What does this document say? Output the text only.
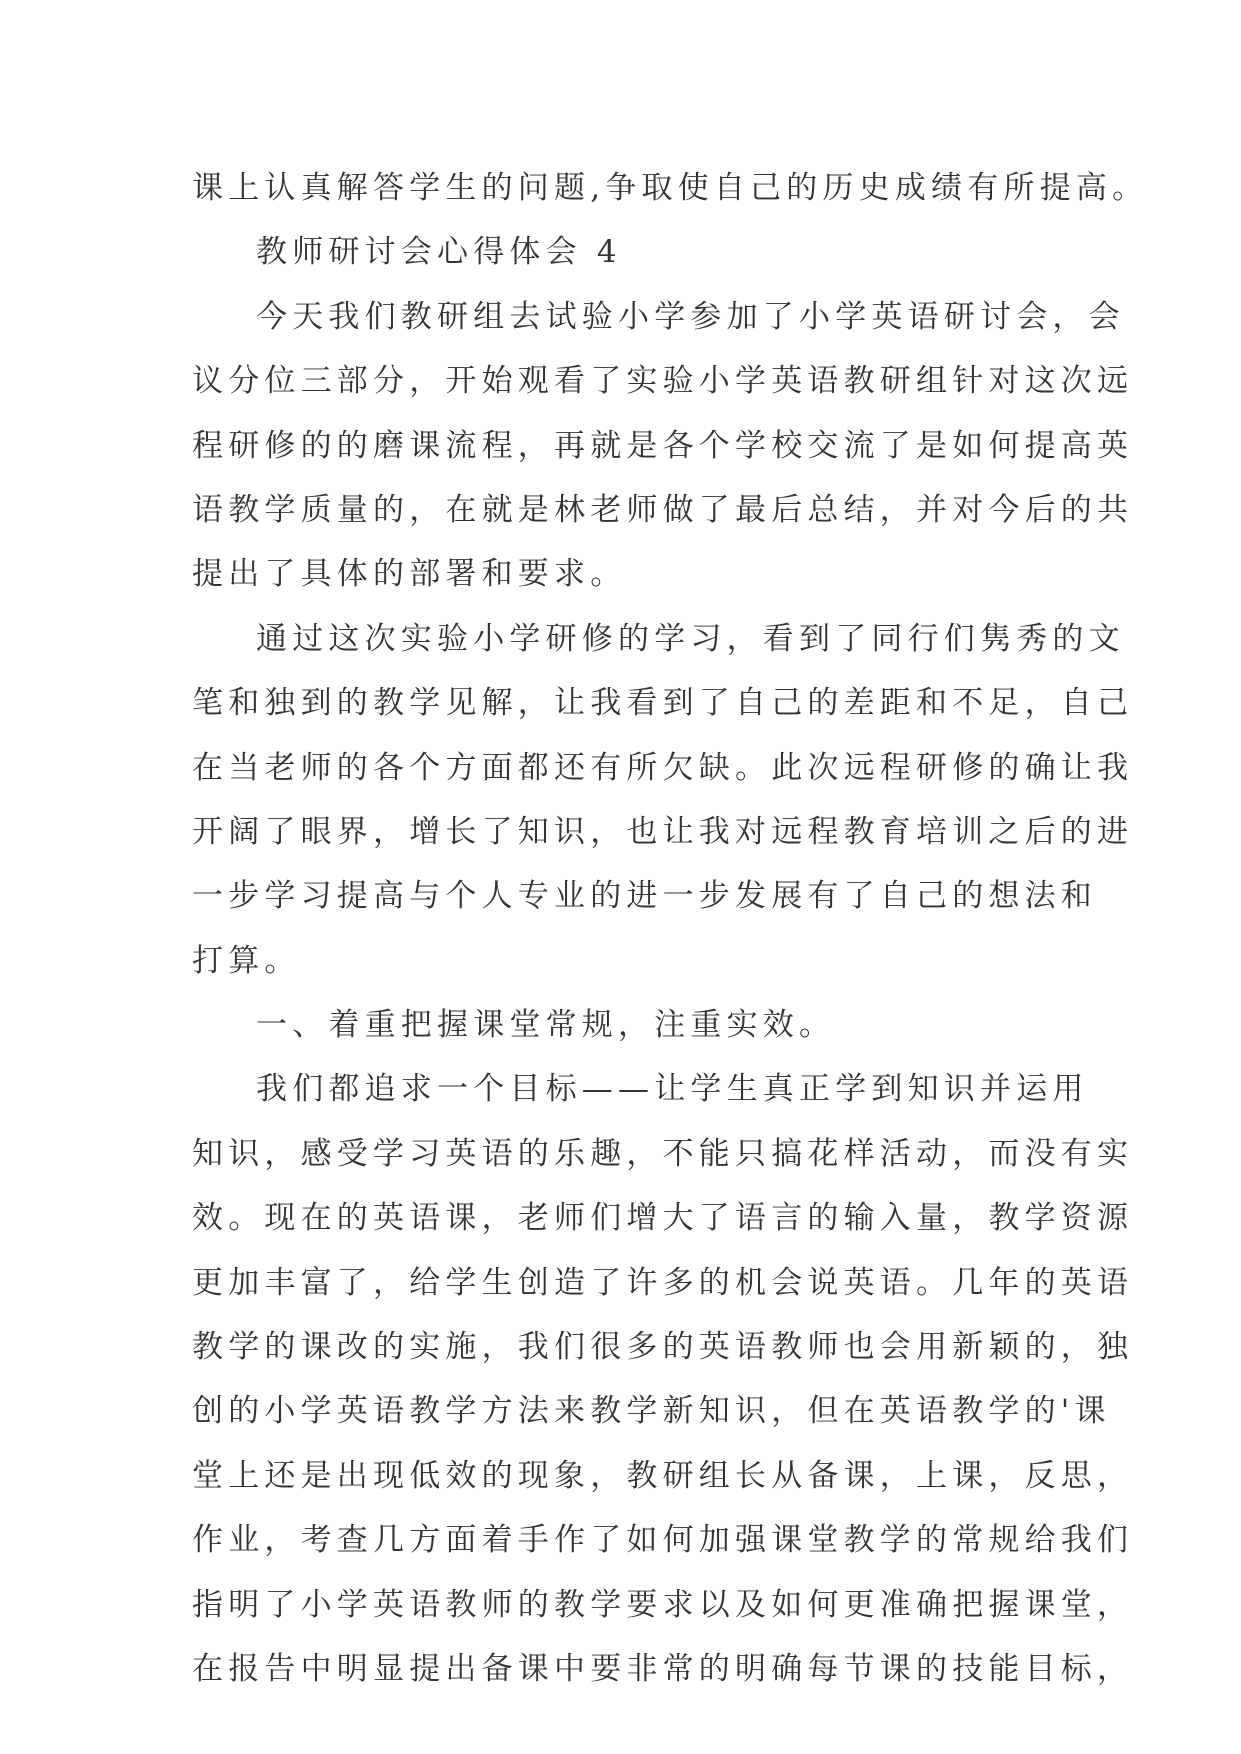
课上认真解答学生的问题,争取使自己的历史成绩有所提高。
教师研讨会心得体会 4
今天我们教研组去试验小学参加了小学英语研讨会，会
议分位三部分，开始观看了实验小学英语教研组针对这次远
程研修的的磨课流程，再就是各个学校交流了是如何提高英
语教学质量的，在就是林老师做了最后总结，并对今后的共
提出了具体的部署和要求。
通过这次实验小学研修的学习，看到了同行们隽秀的文
笔和独到的教学见解，让我看到了自己的差距和不足，自己
在当老师的各个方面都还有所欠缺。此次远程研修的确让我
开阔了眼界，增长了知识，也让我对远程教育培训之后的进
一步学习提高与个人专业的进一步发展有了自己的想法和
打算。
一、着重把握课堂常规，注重实效。
我们都追求一个目标——让学生真正学到知识并运用
知识，感受学习英语的乐趣，不能只搞花样活动，而没有实
效。现在的英语课，老师们增大了语言的输入量，教学资源
更加丰富了，给学生创造了许多的机会说英语。几年的英语
教学的课改的实施，我们很多的英语教师也会用新颖的，独
创的小学英语教学方法来教学新知识，但在英语教学的'课
堂上还是出现低效的现象，教研组长从备课，上课，反思，
作业，考查几方面着手作了如何加强课堂教学的常规给我们
指明了小学英语教师的教学要求以及如何更准确把握课堂，
在报告中明显提出备课中要非常的明确每节课的技能目标，
